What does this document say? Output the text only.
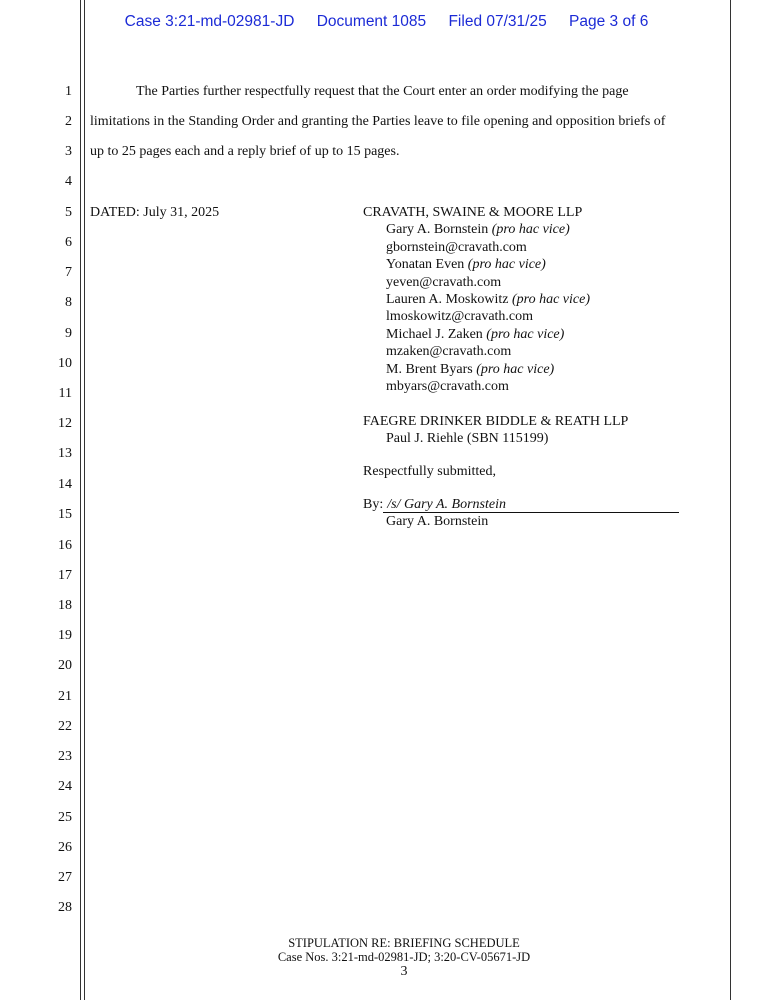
Case 3:21-md-02981-JD Document 1085 Filed 07/31/25 Page 3 of 6
1
2
3
4
5
6
7
8
9
10
11
12
13
14
15
16
17
18
19
20
21
22
23
24
25
26
27
28
The Parties further respectfully request that the Court enter an order modifying the page
limitations in the Standing Order and granting the Parties leave to file opening and opposition briefs of
up to 25 pages each and a reply brief of up to 15 pages.
DATED: July 31, 2025	CRAVATH, SWAINE & MOORE LLP
Gary A. Bornstein (pro hac vice)
gbornstein@cravath.com
Yonatan Even (pro hac vice)
yeven@cravath.com
Lauren A. Moskowitz (pro hac vice)
lmoskowitz@cravath.com
Michael J. Zaken (pro hac vice)
mzaken@cravath.com
M. Brent Byars (pro hac vice)
mbyars@cravath.com
FAEGRE DRINKER BIDDLE & REATH LLP
Paul J. Riehle (SBN 115199)
Respectfully submitted,
By: /s/ Gary A. Bornstein
Gary A. Bornstein
STIPULATION RE: BRIEFING SCHEDULE
Case Nos. 3:21-md-02981-JD; 3:20-CV-05671-JD
3
